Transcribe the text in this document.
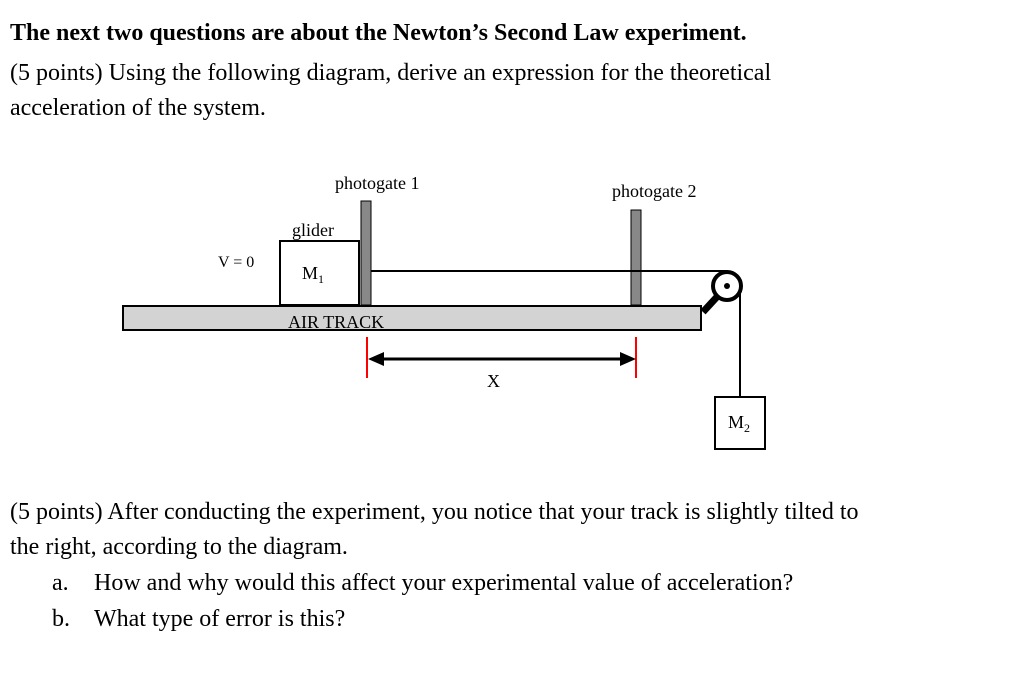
The next two questions are about the Newton’s Second Law experiment.
(5 points) Using the following diagram, derive an expression for the theoretical
acceleration of the system.
AIR TRACK
$M_1$
glider
V = 0
photogate 1	photogate 2
$M_2$
X
(5 points) After conducting the experiment, you notice that your track is slightly tilted to
the right, according to the diagram.
a. How and why would this affect your experimental value of acceleration?
b. What type of error is this?
